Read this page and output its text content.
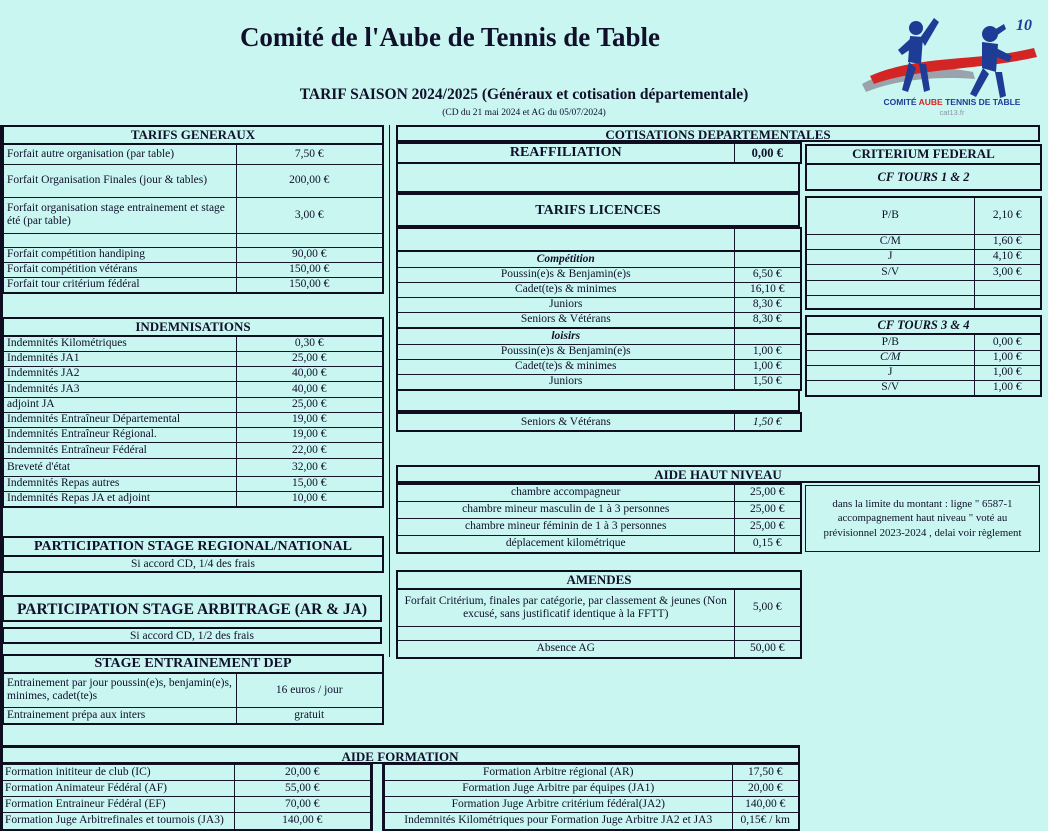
Comité de l'Aube de Tennis de Table
TARIF SAISON 2024/2025 (Généraux et cotisation départementale)
(CD du 21 mai 2024 et AG du 05/07/2024)
10
COMITÉ AUBE TENNIS DE TABLE
cat13.fr
TARIFS GENERAUX	
Forfait autre organisation (par table)	7,50 €
Forfait Organisation Finales (jour & tables)	200,00 €
Forfait organisation stage entrainement et stage été (par table)	3,00 €

Forfait compétition handiping	90,00 €
Forfait compétition vétérans	150,00 €
Forfait tour critérium fédéral	150,00 €
INDEMNISATIONS	
Indemnités Kilométriques	0,30 €
Indemnités JA1	25,00 €
Indemnités JA2	40,00 €
Indemnités JA3	40,00 €
adjoint JA	25,00 €
Indemnités Entraîneur Départemental	19,00 €
Indemnités Entraîneur Régional.	19,00 €
Indemnités Entraîneur Fédéral	22,00 €
Breveté d'état	32,00 €
Indemnités Repas autres	15,00 €
Indemnités Repas JA et adjoint	10,00 €
PARTICIPATION STAGE REGIONAL/NATIONAL
Si accord CD, 1/4 des frais
PARTICIPATION STAGE ARBITRAGE (AR & JA)
Si accord CD, 1/2 des frais
STAGE ENTRAINEMENT DEP	
Entrainement par jour poussin(e)s, benjamin(e)s, minimes, cadet(te)s	16 euros / jour
Entrainement prépa aux inters	gratuit
COTISATIONS DEPARTEMENTALES
REAFFILIATION	0,00 €
TARIFS LICENCES

Compétition	
Poussin(e)s & Benjamin(e)s	6,50 €
Cadet(te)s & minimes	16,10 €
Juniors	8,30 €
Seniors & Vétérans	8,30 €
loisirs	
Poussin(e)s & Benjamin(e)s	1,00 €
Cadet(te)s & minimes	1,00 €
Juniors	1,50 €
Seniors & Vétérans	1,50 €
AIDE HAUT NIVEAU
chambre accompagneur	25,00 €
chambre mineur masculin de 1 à 3 personnes	25,00 €
chambre mineur féminin de 1 à 3 personnes	25,00 €
déplacement kilométrique	0,15 €
dans la limite du montant : ligne " 6587-1 accompagnement haut niveau " voté au prévisionnel 2023-2024 , delai voir règlement
AMENDES	
Forfait Critérium, finales par catégorie, par classement & jeunes (Non excusé, sans justificatif identique à la FFTT)	5,00 €

Absence AG	50,00 €
CRITERIUM FEDERAL
CF TOURS 1 & 2
P/B	2,10 €
C/M	1,60 €
J	4,10 €
S/V	3,00 €

CF TOURS 3 & 4	
P/B	0,00 €
C/M	1,00 €
J	1,00 €
S/V	1,00 €
AIDE FORMATION
Formation inititeur de club (IC)	20,00 €
Formation Animateur Fédéral (AF)	55,00 €
Formation Entraineur Fédéral (EF)	70,00 €
Formation Juge Arbitrefinales et tournois (JA3)	140,00 €
Formation Arbitre régional (AR)	17,50 €
Formation Juge Arbitre par équipes (JA1)	20,00 €
Formation Juge Arbitre critérium fédéral(JA2)	140,00 €
Indemnités Kilométriques pour Formation Juge Arbitre JA2 et JA3	0,15€ / km
